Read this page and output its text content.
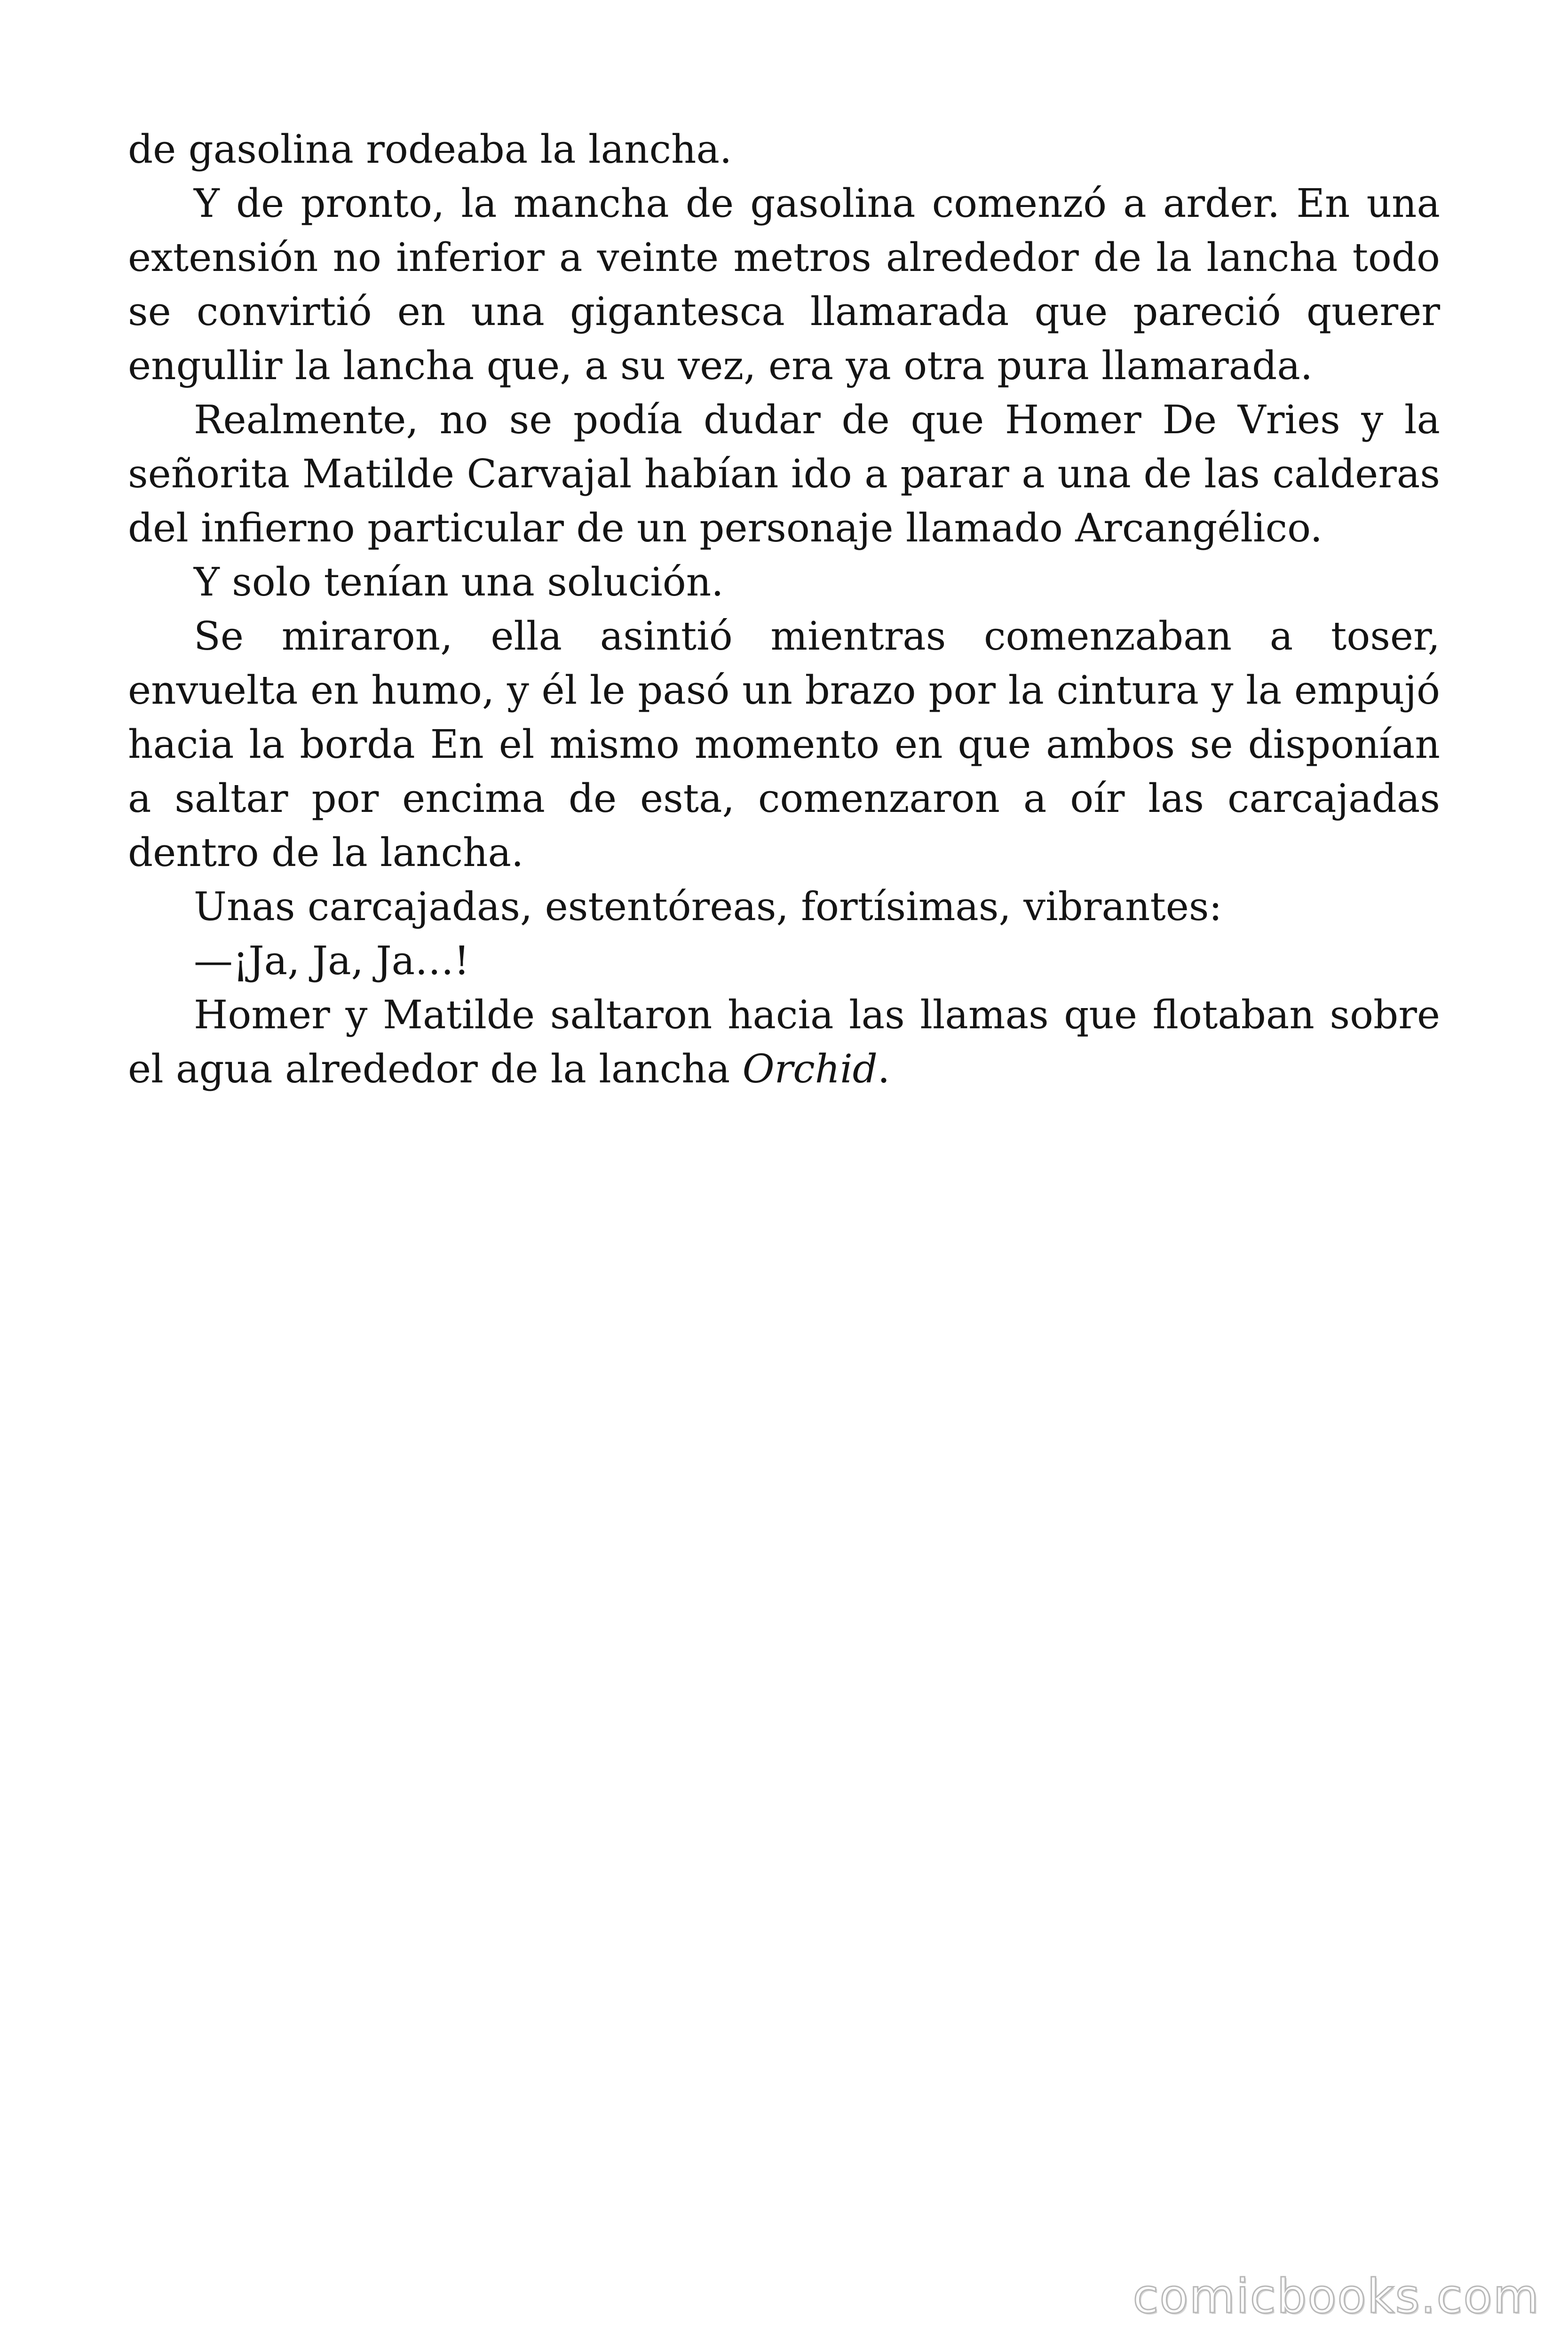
de gasolina rodeaba la lancha.

Y de pronto, la mancha de gasolina comenzó a arder. En una extensión no inferior a veinte metros alrededor de la lancha todo se convirtió en una gigantesca llamarada que pareció querer engullir la lancha que, a su vez, era ya otra pura llamarada.

Realmente, no se podía dudar de que Homer De Vries y la señorita Matilde Carvajal habían ido a parar a una de las calderas del infierno particular de un personaje llamado Arcangélico.

Y solo tenían una solución.

Se miraron, ella asintió mientras comenzaban a toser, envuelta en humo, y él le pasó un brazo por la cintura y la empujó hacia la borda En el mismo momento en que ambos se disponían a saltar por encima de esta, comenzaron a oír las carcajadas dentro de la lancha.

Unas carcajadas, estentóreas, fortísimas, vibrantes:

—¡Ja, Ja, Ja…!

Homer y Matilde saltaron hacia las llamas que flotaban sobre el agua alrededor de la lancha Orchid.

comicbooks.com
